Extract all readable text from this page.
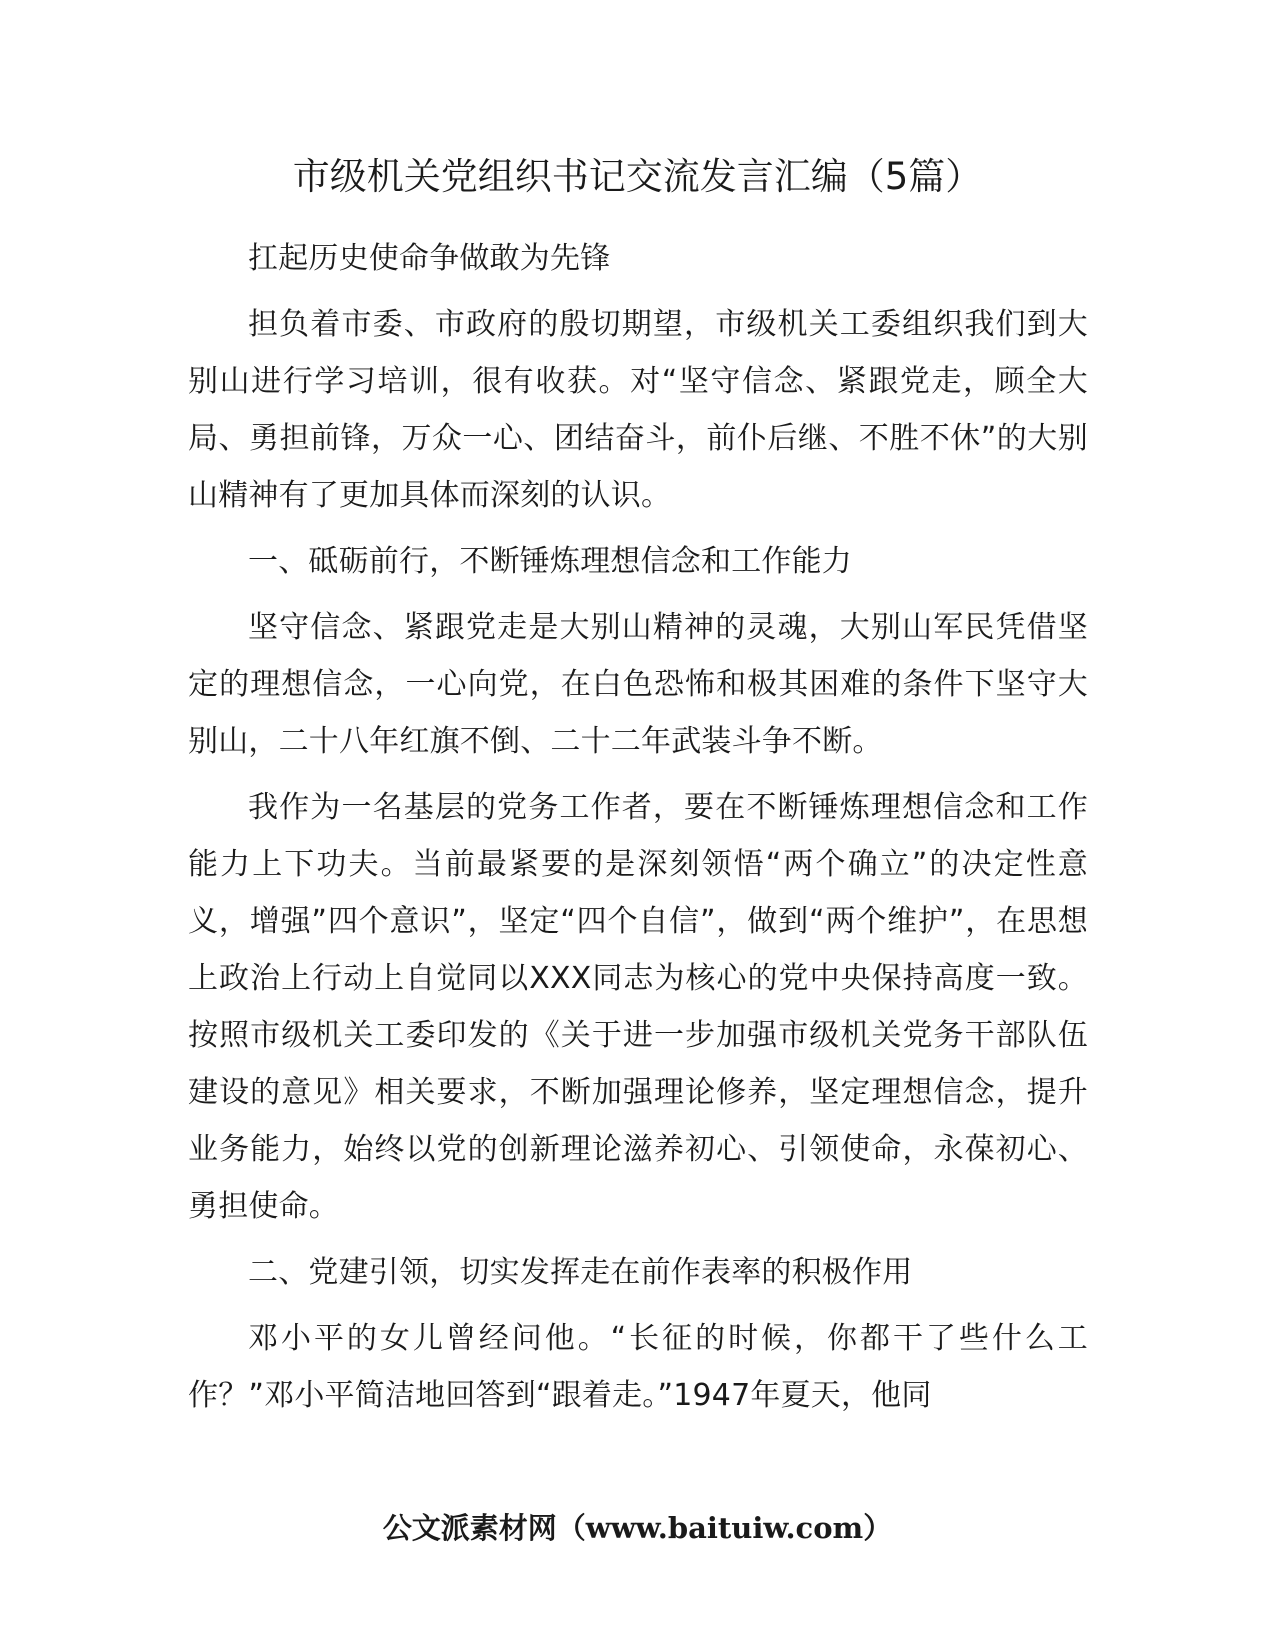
市级机关党组织书记交流发言汇编（5篇）

扛起历史使命争做敢为先锋

担负着市委、市政府的殷切期望，市级机关工委组织我们到大别山进行学习培训，很有收获。对“坚守信念、紧跟党走，顾全大局、勇担前锋，万众一心、团结奋斗，前仆后继、不胜不休”的大别山精神有了更加具体而深刻的认识。

一、砥砺前行，不断锤炼理想信念和工作能力

坚守信念、紧跟党走是大别山精神的灵魂，大别山军民凭借坚定的理想信念，一心向党，在白色恐怖和极其困难的条件下坚守大别山，二十八年红旗不倒、二十二年武装斗争不断。

我作为一名基层的党务工作者，要在不断锤炼理想信念和工作能力上下功夫。当前最紧要的是深刻领悟“两个确立”的决定性意义，增强”四个意识”，坚定“四个自信”，做到“两个维护”，在思想上政治上行动上自觉同以XXX同志为核心的党中央保持高度一致。按照市级机关工委印发的《关于进一步加强市级机关党务干部队伍建设的意见》相关要求，不断加强理论修养，坚定理想信念，提升业务能力，始终以党的创新理论滋养初心、引领使命，永葆初心、勇担使命。

二、党建引领，切实发挥走在前作表率的积极作用

邓小平的女儿曾经问他。“长征的时候，你都干了些什么工作？”邓小平简洁地回答到“跟着走。”1947年夏天，他同

公文派素材网（www.baituiw.com）
